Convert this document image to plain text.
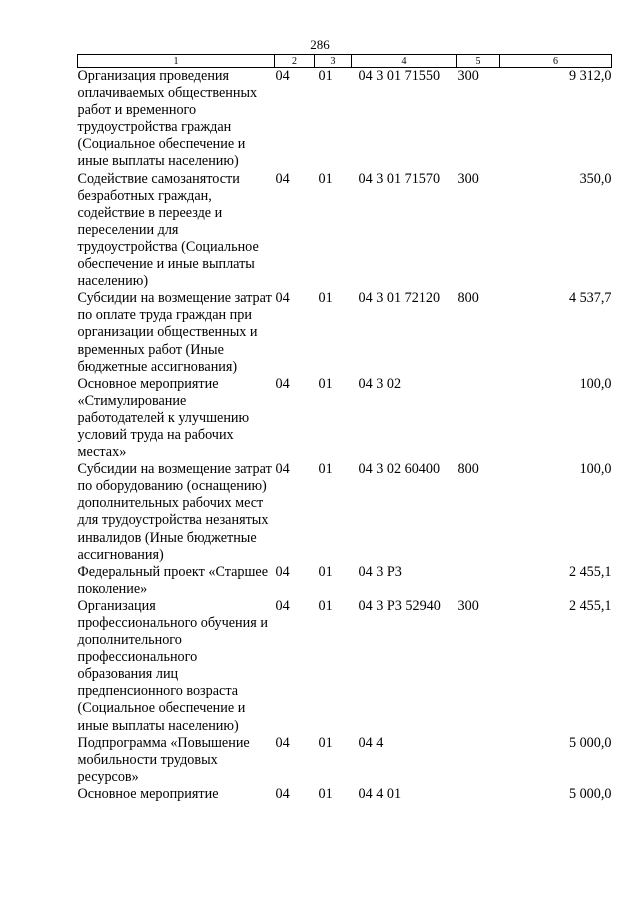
286
1	2	3	4	5	6
Организация проведения оплачиваемых общественных работ и временного трудоустройства граждан (Социальное обеспечение и иные выплаты населению)	04	01	04 3 01 71550	300	9 312,0
Содействие самозанятости безработных граждан, содействие в переезде и переселении для трудоустройства (Социальное обеспечение и иные выплаты населению)	04	01	04 3 01 71570	300	350,0
Субсидии на возмещение затрат по оплате труда граждан при организации общественных и временных работ (Иные бюджетные ассигнования)	04	01	04 3 01 72120	800	4 537,7
Основное мероприятие «Стимулирование работодателей к улучшению условий труда на рабочих местах»	04	01	04 3 02		100,0
Субсидии на возмещение затрат по оборудованию (оснащению) дополнительных рабочих мест для трудоустройства незанятых инвалидов (Иные бюджетные ассигнования)	04	01	04 3 02 60400	800	100,0
Федеральный проект «Старшее поколение»	04	01	04 3 P3		2 455,1
Организация профессионального обучения и дополнительного профессионального образования лиц предпенсионного возраста (Социальное обеспечение и иные выплаты населению)	04	01	04 3 P3 52940	300	2 455,1
Подпрограмма «Повышение мобильности трудовых ресурсов»	04	01	04 4		5 000,0
Основное мероприятие	04	01	04 4 01		5 000,0
